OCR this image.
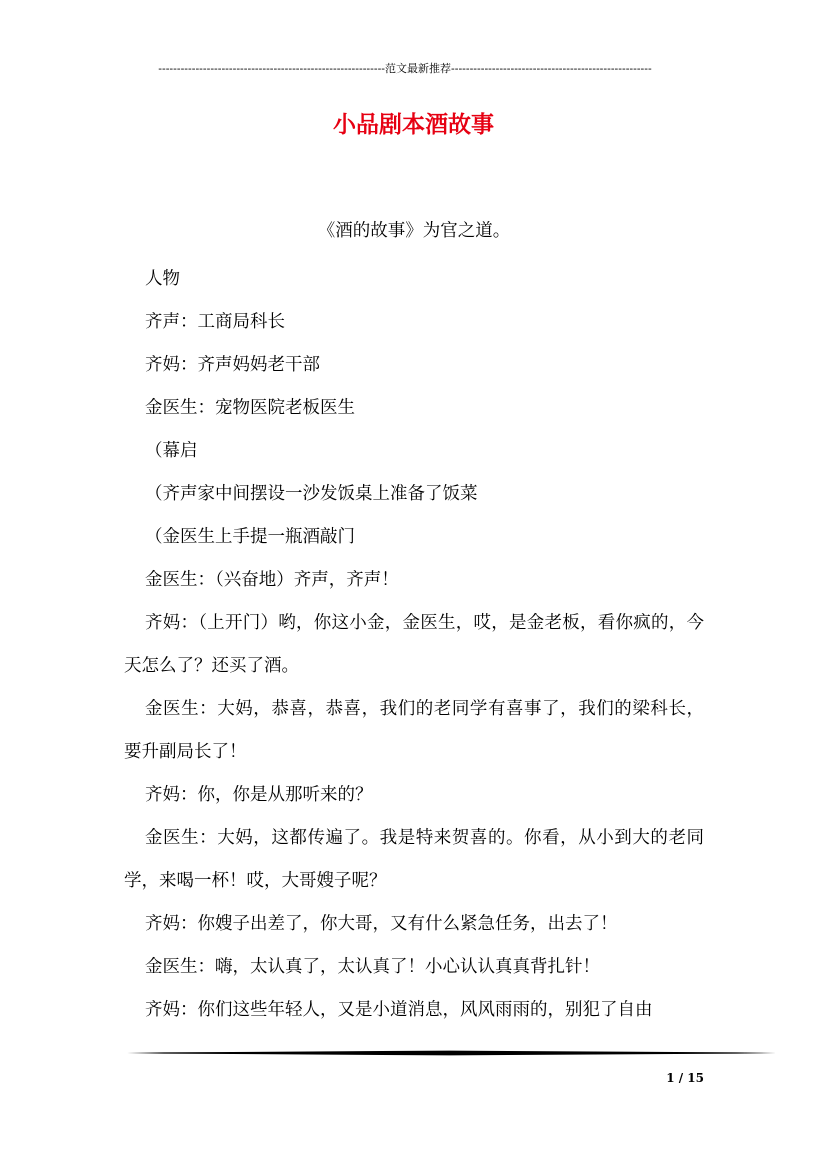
-------------------------------------------------------------范文最新推荐------------------------------------------------------
小品剧本酒故事
《酒的故事》为官之道。

人物

齐声：工商局科长

齐妈：齐声妈妈老干部

金医生：宠物医院老板医生

（幕启

（齐声家中间摆设一沙发饭桌上准备了饭菜

（金医生上手提一瓶酒敲门

金医生：（兴奋地）齐声，齐声！

齐妈：（上开门）哟，你这小金，金医生，哎，是金老板，看你疯的，今天怎么了？还买了酒。

金医生：大妈，恭喜，恭喜，我们的老同学有喜事了，我们的梁科长，要升副局长了！

齐妈：你，你是从那听来的？

金医生：大妈，这都传遍了。我是特来贺喜的。你看，从小到大的老同学，来喝一杯！哎，大哥嫂子呢？

齐妈：你嫂子出差了，你大哥，又有什么紧急任务，出去了！

金医生：嗨，太认真了，太认真了！小心认认真真背扎针！

齐妈：你们这些年轻人，又是小道消息，风风雨雨的，别犯了自由

1 / 15
